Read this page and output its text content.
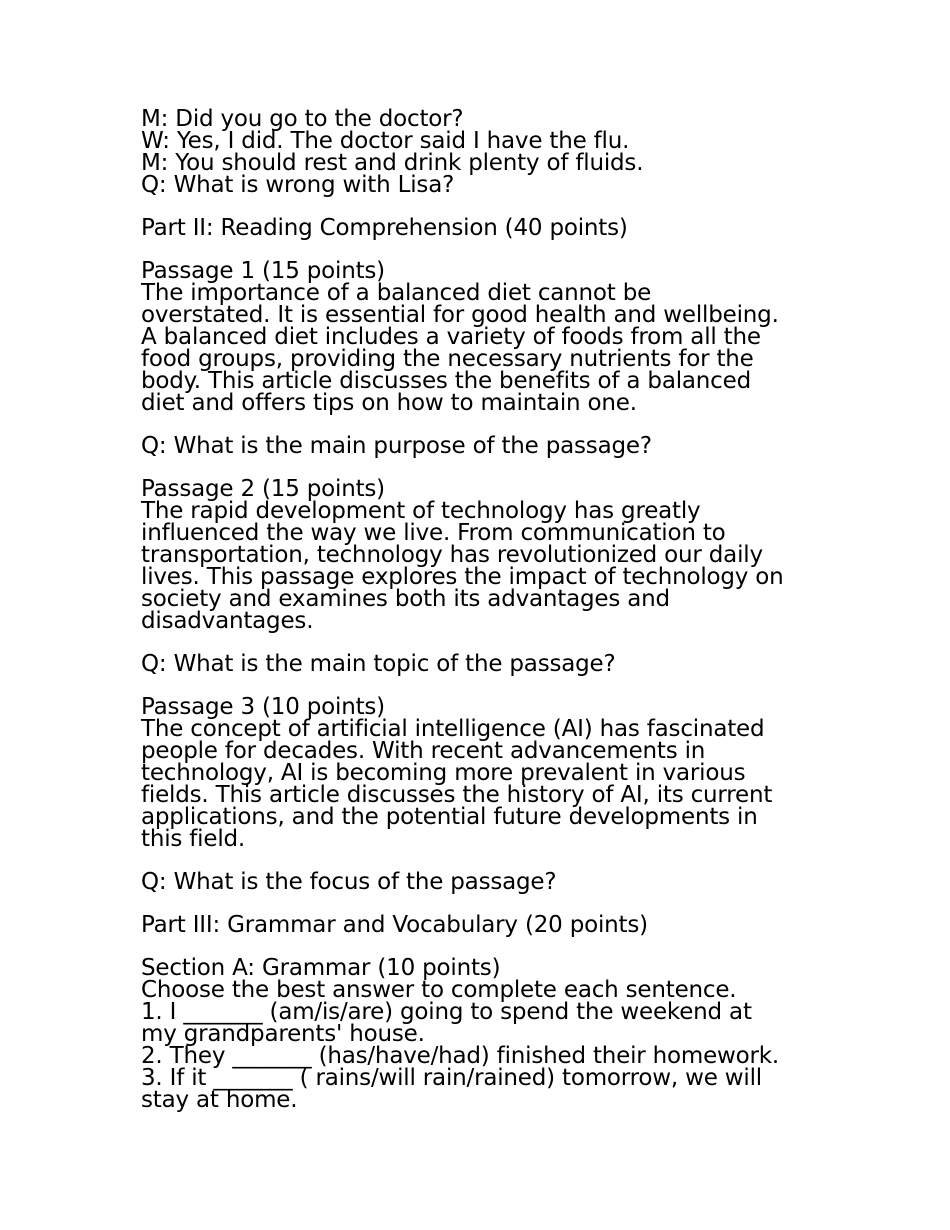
M: Did you go to the doctor?
W: Yes, I did. The doctor said I have the flu.
M: You should rest and drink plenty of fluids.
Q: What is wrong with Lisa?
Part II: Reading Comprehension (40 points)
Passage 1 (15 points)
The importance of a balanced diet cannot be
overstated. It is essential for good health and wellbeing.
A balanced diet includes a variety of foods from all the
food groups, providing the necessary nutrients for the
body. This article discusses the benefits of a balanced
diet and offers tips on how to maintain one.
Q: What is the main purpose of the passage?
Passage 2 (15 points)
The rapid development of technology has greatly
influenced the way we live. From communication to
transportation, technology has revolutionized our daily
lives. This passage explores the impact of technology on
society and examines both its advantages and
disadvantages.
Q: What is the main topic of the passage?
Passage 3 (10 points)
The concept of artificial intelligence (AI) has fascinated
people for decades. With recent advancements in
technology, AI is becoming more prevalent in various
fields. This article discusses the history of AI, its current
applications, and the potential future developments in
this field.
Q: What is the focus of the passage?
Part III: Grammar and Vocabulary (20 points)
Section A: Grammar (10 points)
Choose the best answer to complete each sentence.
1. I _______ (am/is/are) going to spend the weekend at
my grandparents' house.
2. They _______ (has/have/had) finished their homework.
3. If it _______ ( rains/will rain/rained) tomorrow, we will
stay at home.
